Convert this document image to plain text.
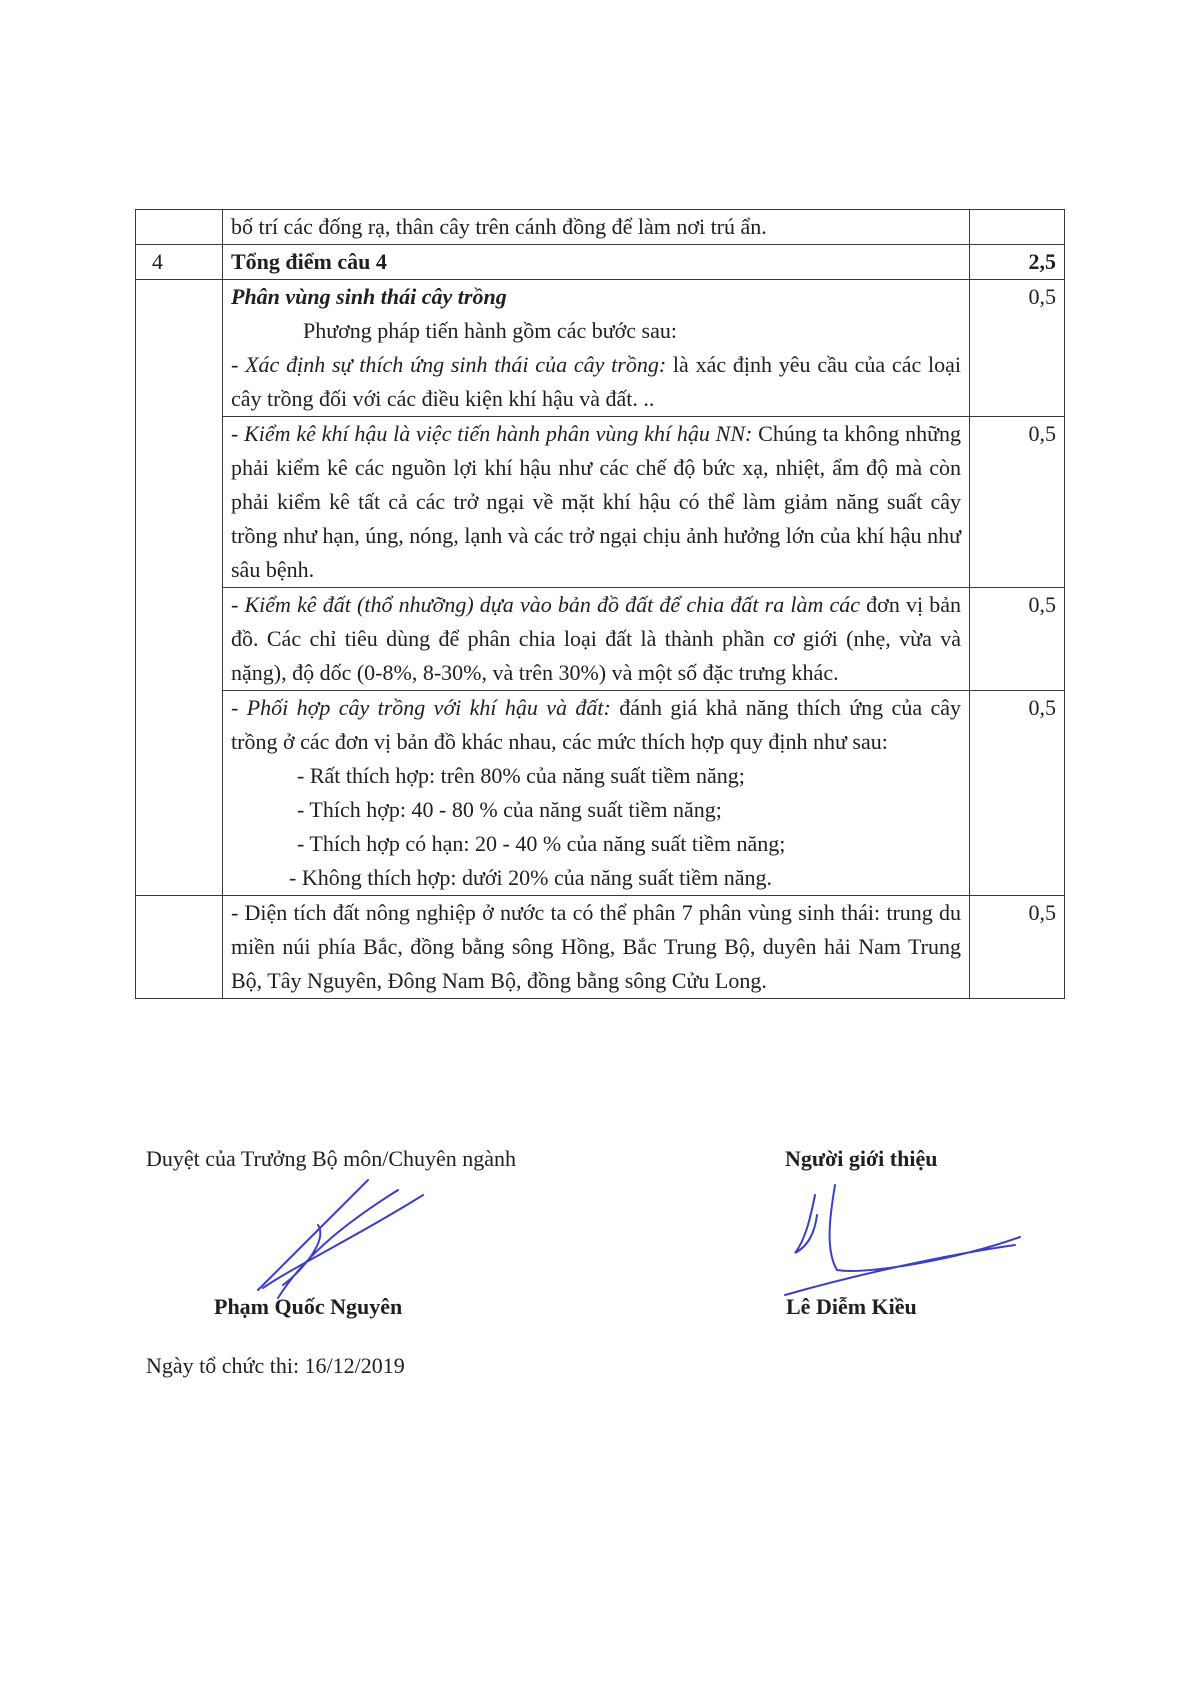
	bố trí các đống rạ, thân cây trên cánh đồng để làm nơi trú ẩn.	
4	Tổng điểm câu 4	2,5

	Phân vùng sinh thái cây trồng
Phương pháp tiến hành gồm các bước sau:
- Xác định sự thích ứng sinh thái của cây trồng: là xác định yêu cầu của các loại cây trồng đối với các điều kiện khí hậu và đất. ..	0,5
	- Kiểm kê khí hậu là việc tiến hành phân vùng khí hậu NN: Chúng ta không những phải kiểm kê các nguồn lợi khí hậu như các chế độ bức xạ, nhiệt, ẩm độ mà còn phải kiểm kê tất cả các trở ngại về mặt khí hậu có thể làm giảm năng suất cây trồng như hạn, úng, nóng, lạnh và các trở ngại chịu ảnh hưởng lớn của khí hậu như sâu bệnh.	0,5
	- Kiểm kê đất (thổ nhưỡng) dựa vào bản đồ đất để chia đất ra làm các đơn vị bản đồ. Các chỉ tiêu dùng để phân chia loại đất là thành phần cơ giới (nhẹ, vừa và nặng), độ dốc (0-8%, 8-30%, và trên 30%) và một số đặc trưng khác.	0,5
	- Phối hợp cây trồng với khí hậu và đất: đánh giá khả năng thích ứng của cây trồng ở các đơn vị bản đồ khác nhau, các mức thích hợp quy định như sau:
- Rất thích hợp: trên 80% của năng suất tiềm năng;
- Thích hợp: 40 - 80 % của năng suất tiềm năng;
- Thích hợp có hạn: 20 - 40 % của năng suất tiềm năng;
- Không thích hợp: dưới 20% của năng suất tiềm năng.	0,5
	- Diện tích đất nông nghiệp ở nước ta có thể phân 7 phân vùng sinh thái: trung du miền núi phía Bắc, đồng bằng sông Hồng, Bắc Trung Bộ, duyên hải Nam Trung Bộ, Tây Nguyên, Đông Nam Bộ, đồng bằng sông Cửu Long.	0,5
Duyệt của Trưởng Bộ môn/Chuyên ngành	Người giới thiệu
Phạm Quốc Nguyên	Lê Diễm Kiều
Ngày tổ chức thi: 16/12/2019
